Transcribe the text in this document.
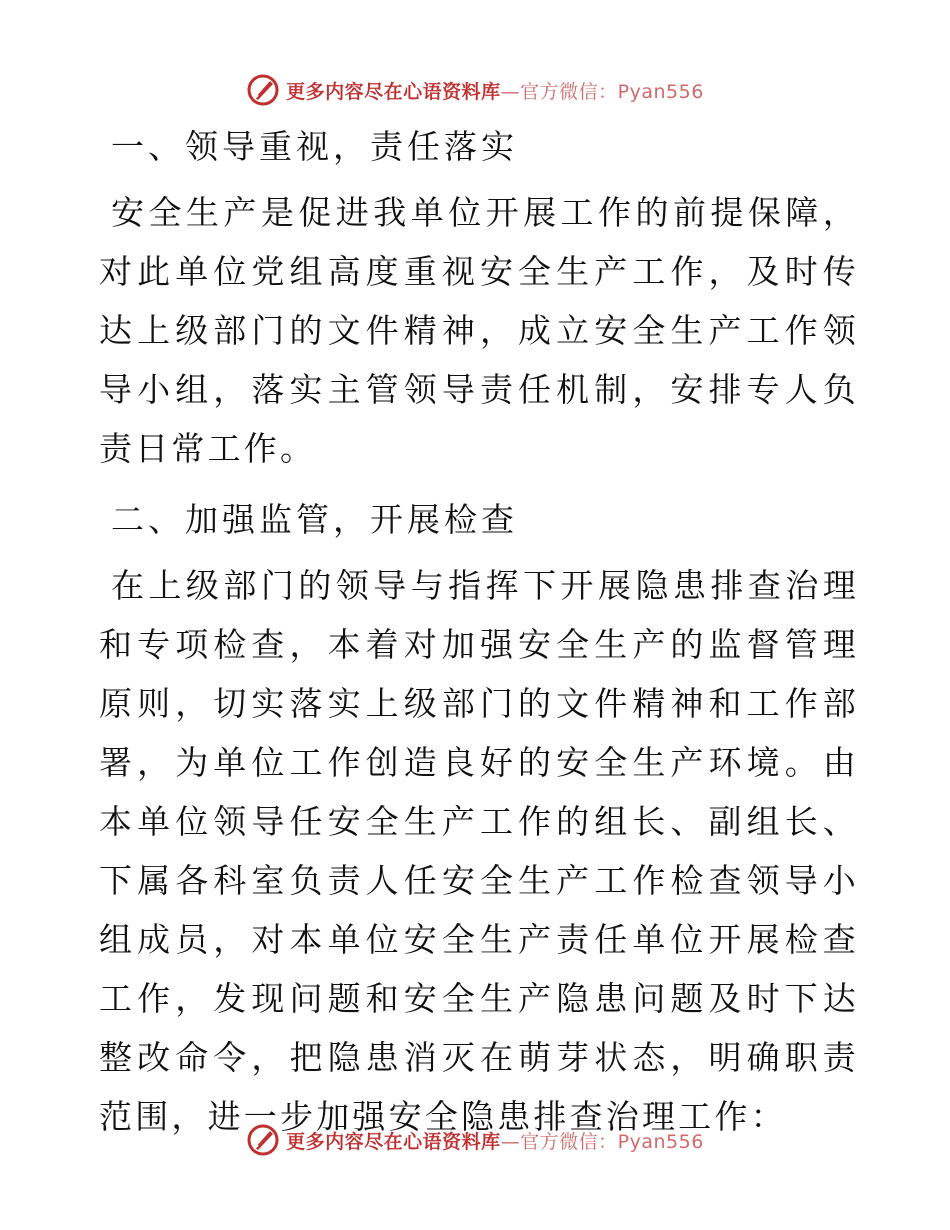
更多内容尽在心语资料库—官方微信：Pyan556
一、领导重视，责任落实

安全生产是促进我单位开展工作的前提保障，对此单位党组高度重视安全生产工作，及时传达上级部门的文件精神，成立安全生产工作领导小组，落实主管领导责任机制，安排专人负责日常工作。

二、加强监管，开展检查

在上级部门的领导与指挥下开展隐患排查治理和专项检查，本着对加强安全生产的监督管理原则，切实落实上级部门的文件精神和工作部署，为单位工作创造良好的安全生产环境。由本单位领导任安全生产工作的组长、副组长、下属各科室负责人任安全生产工作检查领导小组成员，对本单位安全生产责任单位开展检查工作，发现问题和安全生产隐患问题及时下达整改命令，把隐患消灭在萌芽状态，明确职责范围，进一步加强安全隐患排查治理工作：

更多内容尽在心语资料库—官方微信：Pyan556
